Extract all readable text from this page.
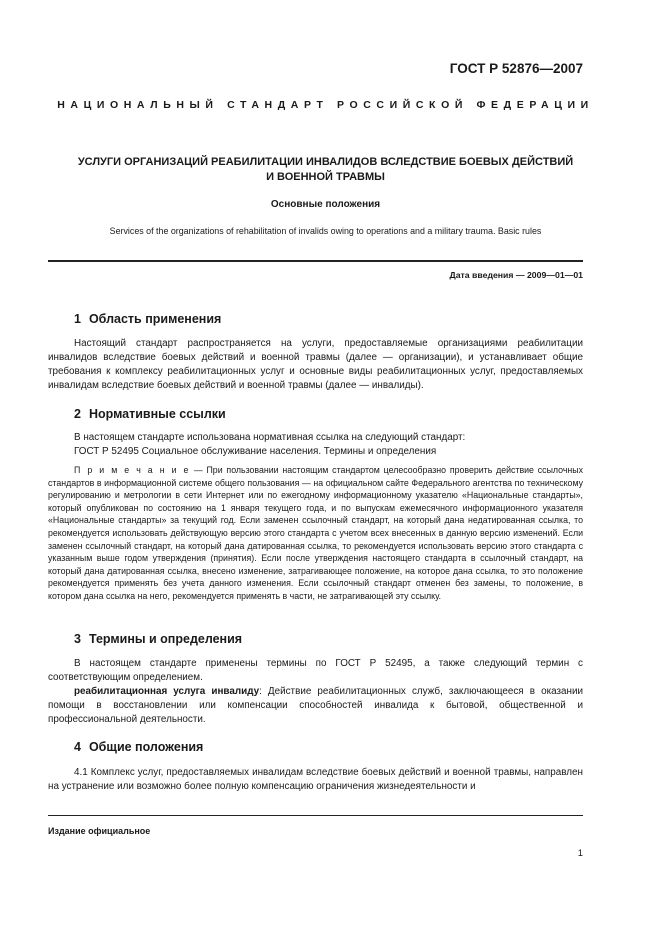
ГОСТ Р 52876—2007
НАЦИОНАЛЬНЫЙ СТАНДАРТ РОССИЙСКОЙ ФЕДЕРАЦИИ
УСЛУГИ ОРГАНИЗАЦИЙ РЕАБИЛИТАЦИИ ИНВАЛИДОВ ВСЛЕДСТВИЕ БОЕВЫХ ДЕЙСТВИЙ
И ВОЕННОЙ ТРАВМЫ
Основные положения
Services of the organizations of rehabilitation of invalids owing to operations and a military trauma. Basic rules
Дата введения — 2009—01—01
1 Область применения
Настоящий стандарт распространяется на услуги, предоставляемые организациями реабилитации инвалидов вследствие боевых действий и военной травмы (далее — организации), и устанавливает общие требования к комплексу реабилитационных услуг и основные виды реабилитационных услуг, предоставляемых инвалидам вследствие боевых действий и военной травмы (далее — инвалиды).
2 Нормативные ссылки
В настоящем стандарте использована нормативная ссылка на следующий стандарт:
ГОСТ Р 52495 Социальное обслуживание населения. Термины и определения
П р и м е ч а н и е — При пользовании настоящим стандартом целесообразно проверить действие ссылочных стандартов в информационной системе общего пользования — на официальном сайте Федерального агентства по техническому регулированию и метрологии в сети Интернет или по ежегодному информационному указателю «Национальные стандарты», который опубликован по состоянию на 1 января текущего года, и по выпускам ежемесячного информационного указателя «Национальные стандарты» за текущий год. Если заменен ссылочный стандарт, на который дана недатированная ссылка, то рекомендуется использовать действующую версию этого стандарта с учетом всех внесенных в данную версию изменений. Если заменен ссылочный стандарт, на который дана датированная ссылка, то рекомендуется использовать версию этого стандарта с указанным выше годом утверждения (принятия). Если после утверждения настоящего стандарта в ссылочный стандарт, на который дана датированная ссылка, внесено изменение, затрагивающее положение, на которое дана ссылка, то это положение рекомендуется применять без учета данного изменения. Если ссылочный стандарт отменен без замены, то положение, в котором дана ссылка на него, рекомендуется применять в части, не затрагивающей эту ссылку.
3 Термины и определения
В настоящем стандарте применены термины по ГОСТ Р 52495, а также следующий термин с соответствующим определением.
реабилитационная услуга инвалиду: Действие реабилитационных служб, заключающееся в оказании помощи в восстановлении или компенсации способностей инвалида к бытовой, общественной и профессиональной деятельности.
4 Общие положения
4.1 Комплекс услуг, предоставляемых инвалидам вследствие боевых действий и военной травмы, направлен на устранение или возможно более полную компенсацию ограничения жизнедеятельности и
Издание официальное
1
